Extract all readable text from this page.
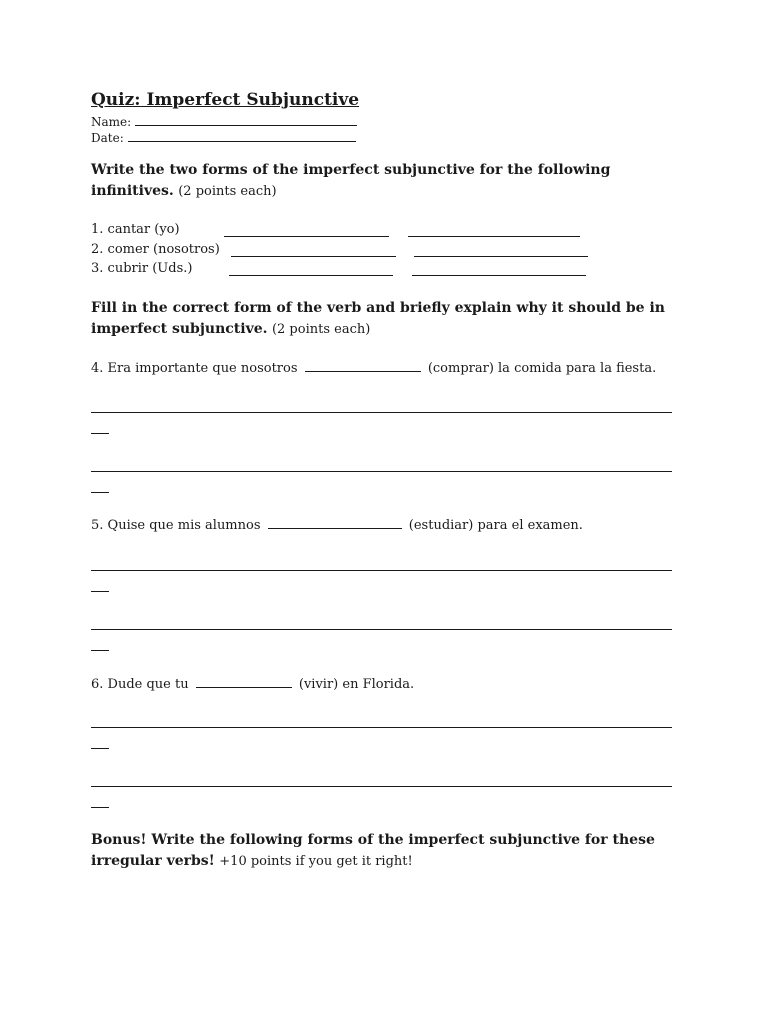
Quiz: Imperfect Subjunctive
Name:
Date:
Write the two forms of the imperfect subjunctive for the following infinitives. (2 points each)
1. cantar (yo)
2. comer (nosotros)
3. cubrir (Uds.)
Fill in the correct form of the verb and briefly explain why it should be in imperfect subjunctive. (2 points each)
4. Era importante que nosotros	(comprar) la comida para la fiesta.
5. Quise que mis alumnos	(estudiar) para el examen.
6. Dude que tu	(vivir) en Florida.
Bonus! Write the following forms of the imperfect subjunctive for these irregular verbs! +10 points if you get it right!
